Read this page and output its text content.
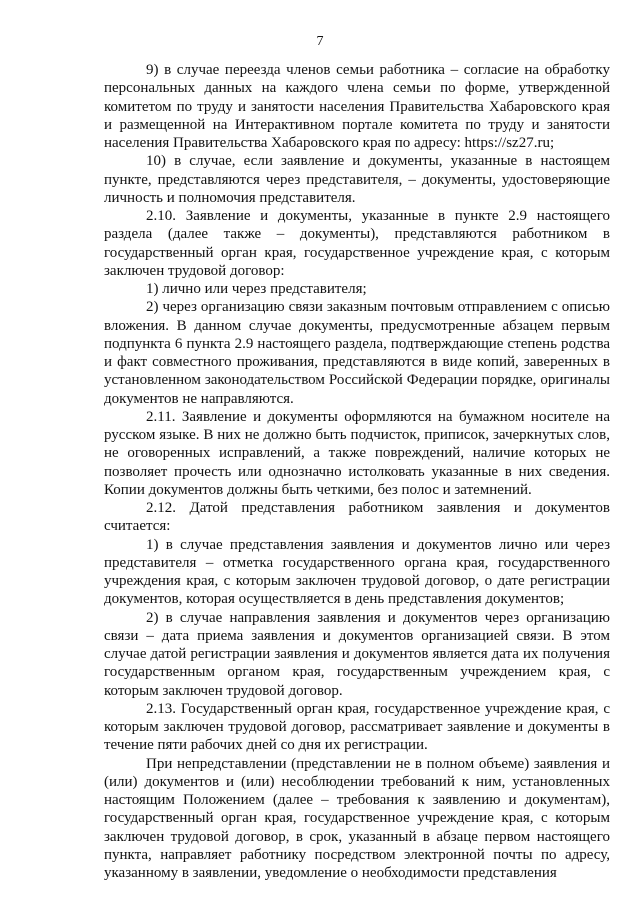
7

9) в случае переезда членов семьи работника – согласие на обработку персональных данных на каждого члена семьи по форме, утвержденной комитетом по труду и занятости населения Правительства Хабаровского края и размещенной на Интерактивном портале комитета по труду и занятости населения Правительства Хабаровского края по адресу: https://sz27.ru;

10) в случае, если заявление и документы, указанные в настоящем пункте, представляются через представителя, – документы, удостоверяющие личность и полномочия представителя.

2.10. Заявление и документы, указанные в пункте 2.9 настоящего раздела (далее также – документы), представляются работником в государственный орган края, государственное учреждение края, с которым заключен трудовой договор:

1) лично или через представителя;

2) через организацию связи заказным почтовым отправлением с описью вложения. В данном случае документы, предусмотренные абзацем первым подпункта 6 пункта 2.9 настоящего раздела, подтверждающие степень родства и факт совместного проживания, представляются в виде копий, заверенных в установленном законодательством Российской Федерации порядке, оригиналы документов не направляются.

2.11. Заявление и документы оформляются на бумажном носителе на русском языке. В них не должно быть подчисток, приписок, зачеркнутых слов, не оговоренных исправлений, а также повреждений, наличие которых не позволяет прочесть или однозначно истолковать указанные в них сведения. Копии документов должны быть четкими, без полос и затемнений.

2.12. Датой представления работником заявления и документов считается:

1) в случае представления заявления и документов лично или через представителя – отметка государственного органа края, государственного учреждения края, с которым заключен трудовой договор, о дате регистрации документов, которая осуществляется в день представления документов;

2) в случае направления заявления и документов через организацию связи – дата приема заявления и документов организацией связи. В этом случае датой регистрации заявления и документов является дата их получения государственным органом края, государственным учреждением края, с которым заключен трудовой договор.

2.13. Государственный орган края, государственное учреждение края, с которым заключен трудовой договор, рассматривает заявление и документы в течение пяти рабочих дней со дня их регистрации.

При непредставлении (представлении не в полном объеме) заявления и (или) документов и (или) несоблюдении требований к ним, установленных настоящим Положением (далее – требования к заявлению и документам), государственный орган края, государственное учреждение края, с которым заключен трудовой договор, в срок, указанный в абзаце первом настоящего пункта, направляет работнику посредством электронной почты по адресу, указанному в заявлении, уведомление о необходимости представления
